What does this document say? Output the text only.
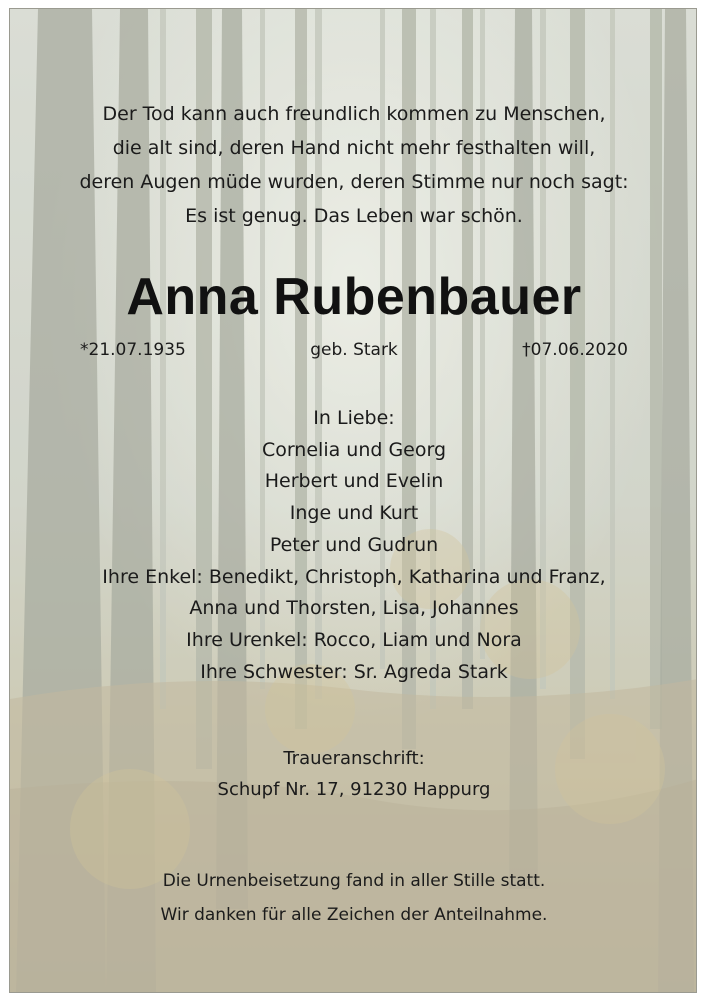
Der Tod kann auch freundlich kommen zu Menschen,
die alt sind, deren Hand nicht mehr festhalten will,
deren Augen müde wurden, deren Stimme nur noch sagt:
Es ist genug. Das Leben war schön.
Anna Rubenbauer
*21.07.1935	geb. Stark	†07.06.2020
In Liebe:
Cornelia und Georg
Herbert und Evelin
Inge und Kurt
Peter und Gudrun
Ihre Enkel: Benedikt, Christoph, Katharina und Franz,
Anna und Thorsten, Lisa, Johannes
Ihre Urenkel: Rocco, Liam und Nora
Ihre Schwester: Sr. Agreda Stark
Traueranschrift:
Schupf Nr. 17, 91230 Happurg
Die Urnenbeisetzung fand in aller Stille statt.
Wir danken für alle Zeichen der Anteilnahme.
